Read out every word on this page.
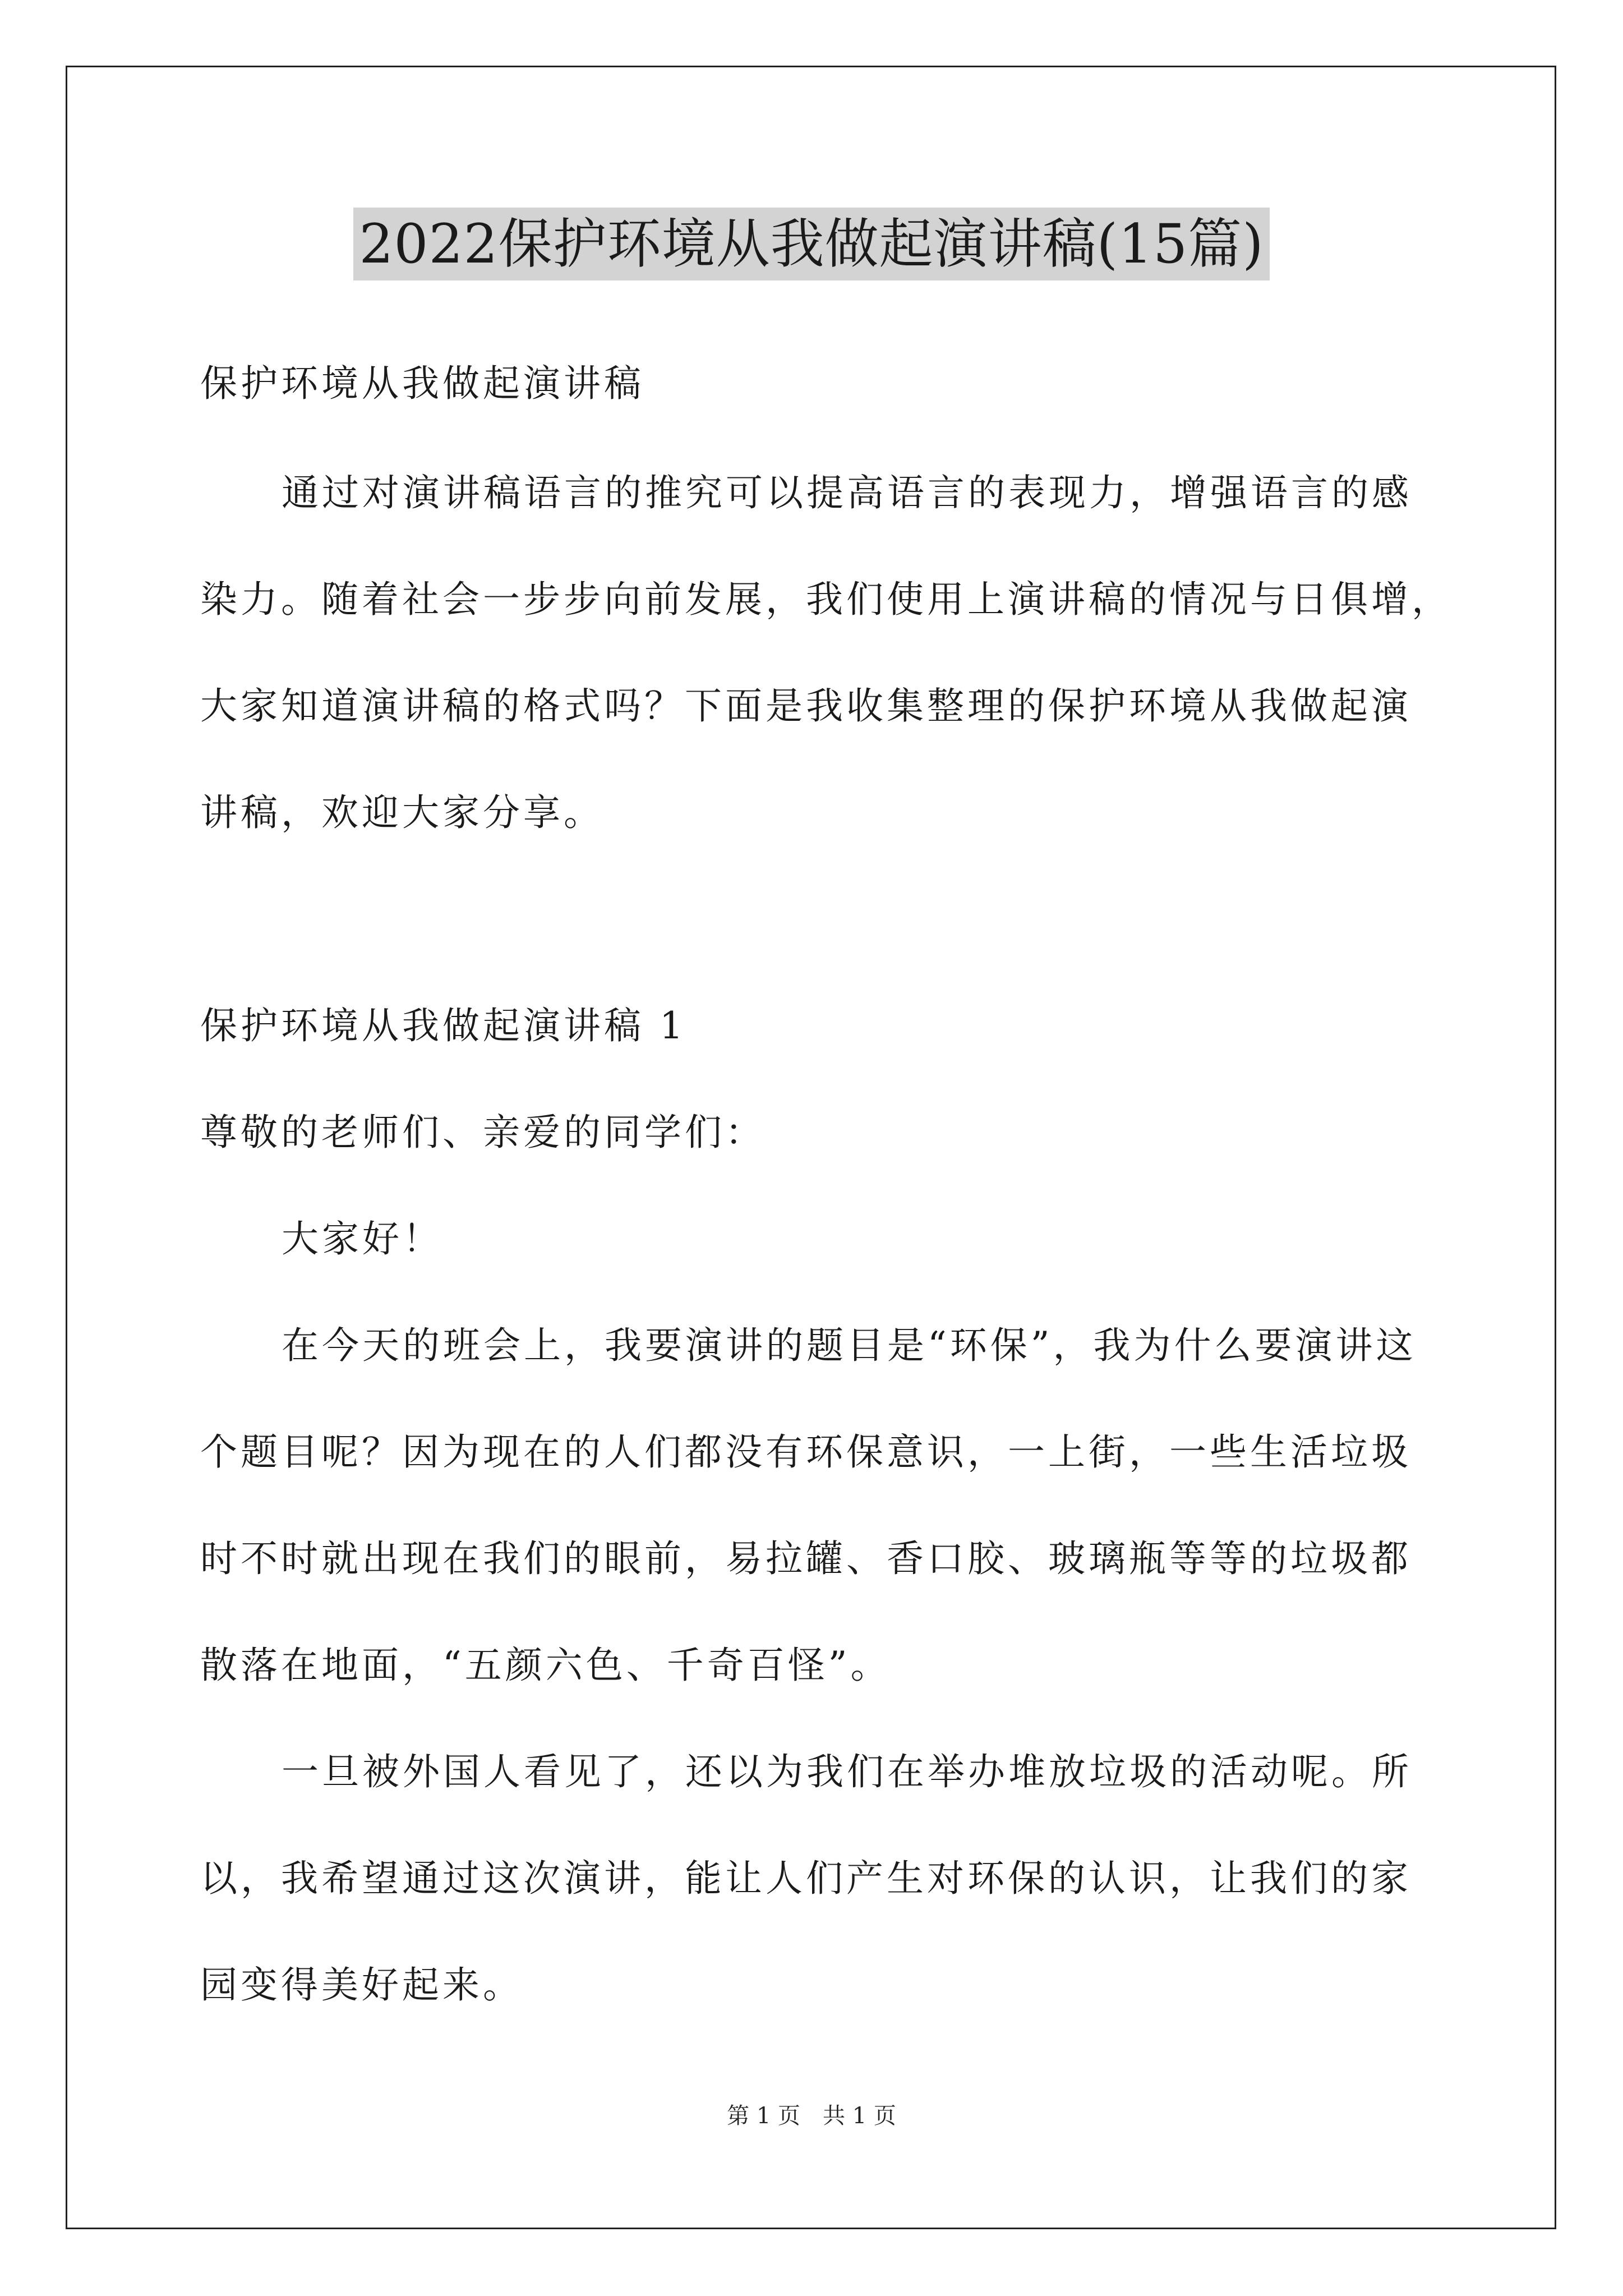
2022保护环境从我做起演讲稿(15篇)
保护环境从我做起演讲稿
通过对演讲稿语言的推究可以提高语言的表现力，增强语言的感
染力。随着社会一步步向前发展，我们使用上演讲稿的情况与日俱增，
大家知道演讲稿的格式吗？下面是我收集整理的保护环境从我做起演
讲稿，欢迎大家分享。
保护环境从我做起演讲稿 1
尊敬的老师们、亲爱的同学们：
大家好！
在今天的班会上，我要演讲的题目是“环保”，我为什么要演讲这
个题目呢？因为现在的人们都没有环保意识，一上街，一些生活垃圾
时不时就出现在我们的眼前，易拉罐、香口胶、玻璃瓶等等的垃圾都
散落在地面，“五颜六色、千奇百怪”。
一旦被外国人看见了，还以为我们在举办堆放垃圾的活动呢。所
以，我希望通过这次演讲，能让人们产生对环保的认识，让我们的家
园变得美好起来。
第 1 页　共 1 页
